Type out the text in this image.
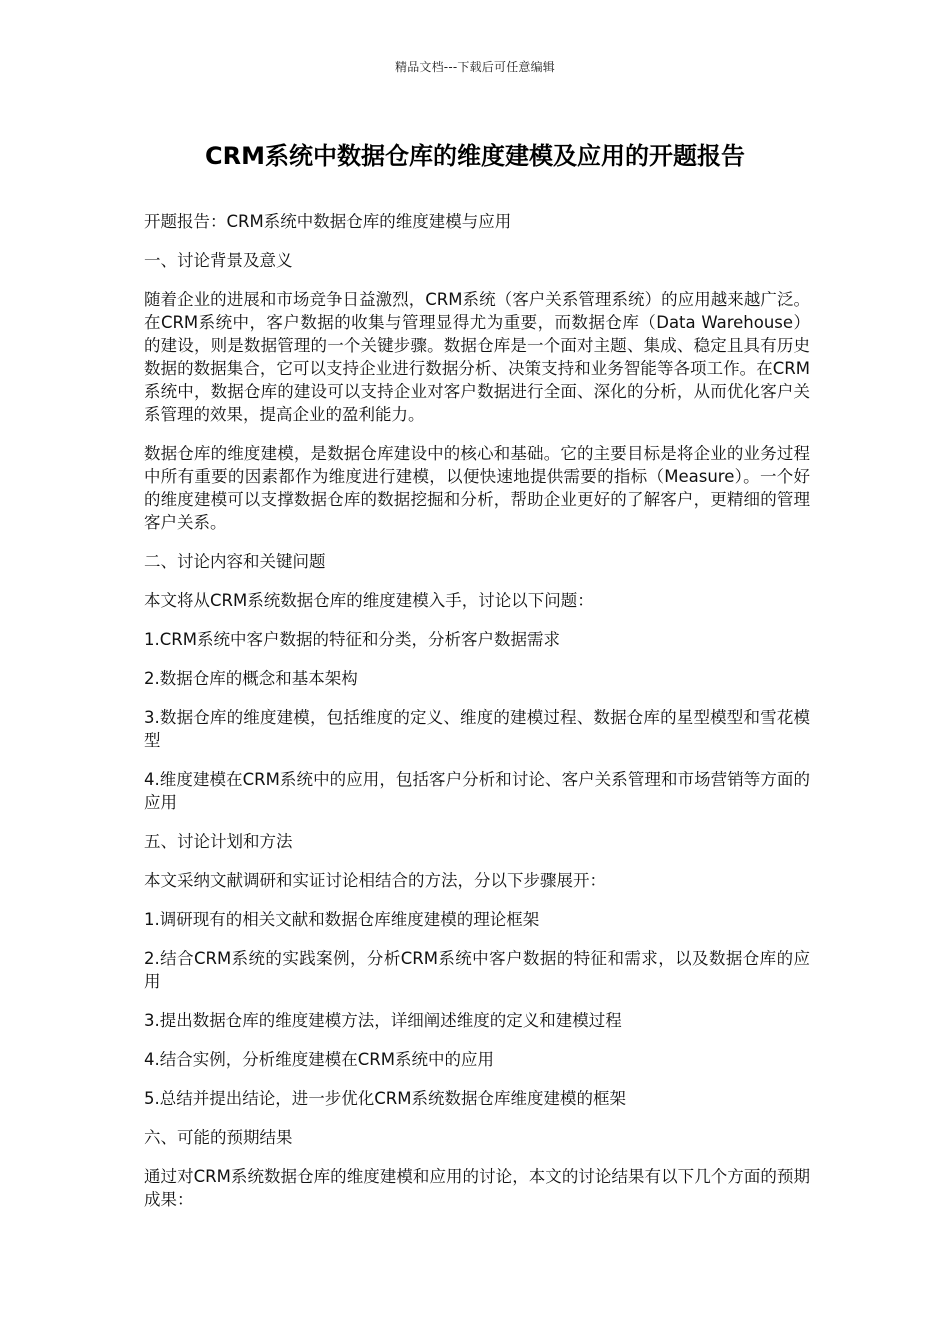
精品文档---下载后可任意编辑
CRM系统中数据仓库的维度建模及应用的开题报告

开题报告：CRM系统中数据仓库的维度建模与应用

一、讨论背景及意义

随着企业的进展和市场竞争日益激烈，CRM系统（客户关系管理系统）的应用越来越广泛。在CRM系统中，客户数据的收集与管理显得尤为重要，而数据仓库（Data Warehouse）的建设，则是数据管理的一个关键步骤。数据仓库是一个面对主题、集成、稳定且具有历史数据的数据集合，它可以支持企业进行数据分析、决策支持和业务智能等各项工作。在CRM系统中，数据仓库的建设可以支持企业对客户数据进行全面、深化的分析，从而优化客户关系管理的效果，提高企业的盈利能力。

数据仓库的维度建模，是数据仓库建设中的核心和基础。它的主要目标是将企业的业务过程中所有重要的因素都作为维度进行建模，以便快速地提供需要的指标（Measure）。一个好的维度建模可以支撑数据仓库的数据挖掘和分析，帮助企业更好的了解客户，更精细的管理客户关系。

二、讨论内容和关键问题

本文将从CRM系统数据仓库的维度建模入手，讨论以下问题：

1.CRM系统中客户数据的特征和分类，分析客户数据需求

2.数据仓库的概念和基本架构

3.数据仓库的维度建模，包括维度的定义、维度的建模过程、数据仓库的星型模型和雪花模型

4.维度建模在CRM系统中的应用，包括客户分析和讨论、客户关系管理和市场营销等方面的应用

五、讨论计划和方法

本文采纳文献调研和实证讨论相结合的方法，分以下步骤展开：

1.调研现有的相关文献和数据仓库维度建模的理论框架

2.结合CRM系统的实践案例，分析CRM系统中客户数据的特征和需求，以及数据仓库的应用

3.提出数据仓库的维度建模方法，详细阐述维度的定义和建模过程

4.结合实例，分析维度建模在CRM系统中的应用

5.总结并提出结论，进一步优化CRM系统数据仓库维度建模的框架

六、可能的预期结果

通过对CRM系统数据仓库的维度建模和应用的讨论，本文的讨论结果有以下几个方面的预期成果：
